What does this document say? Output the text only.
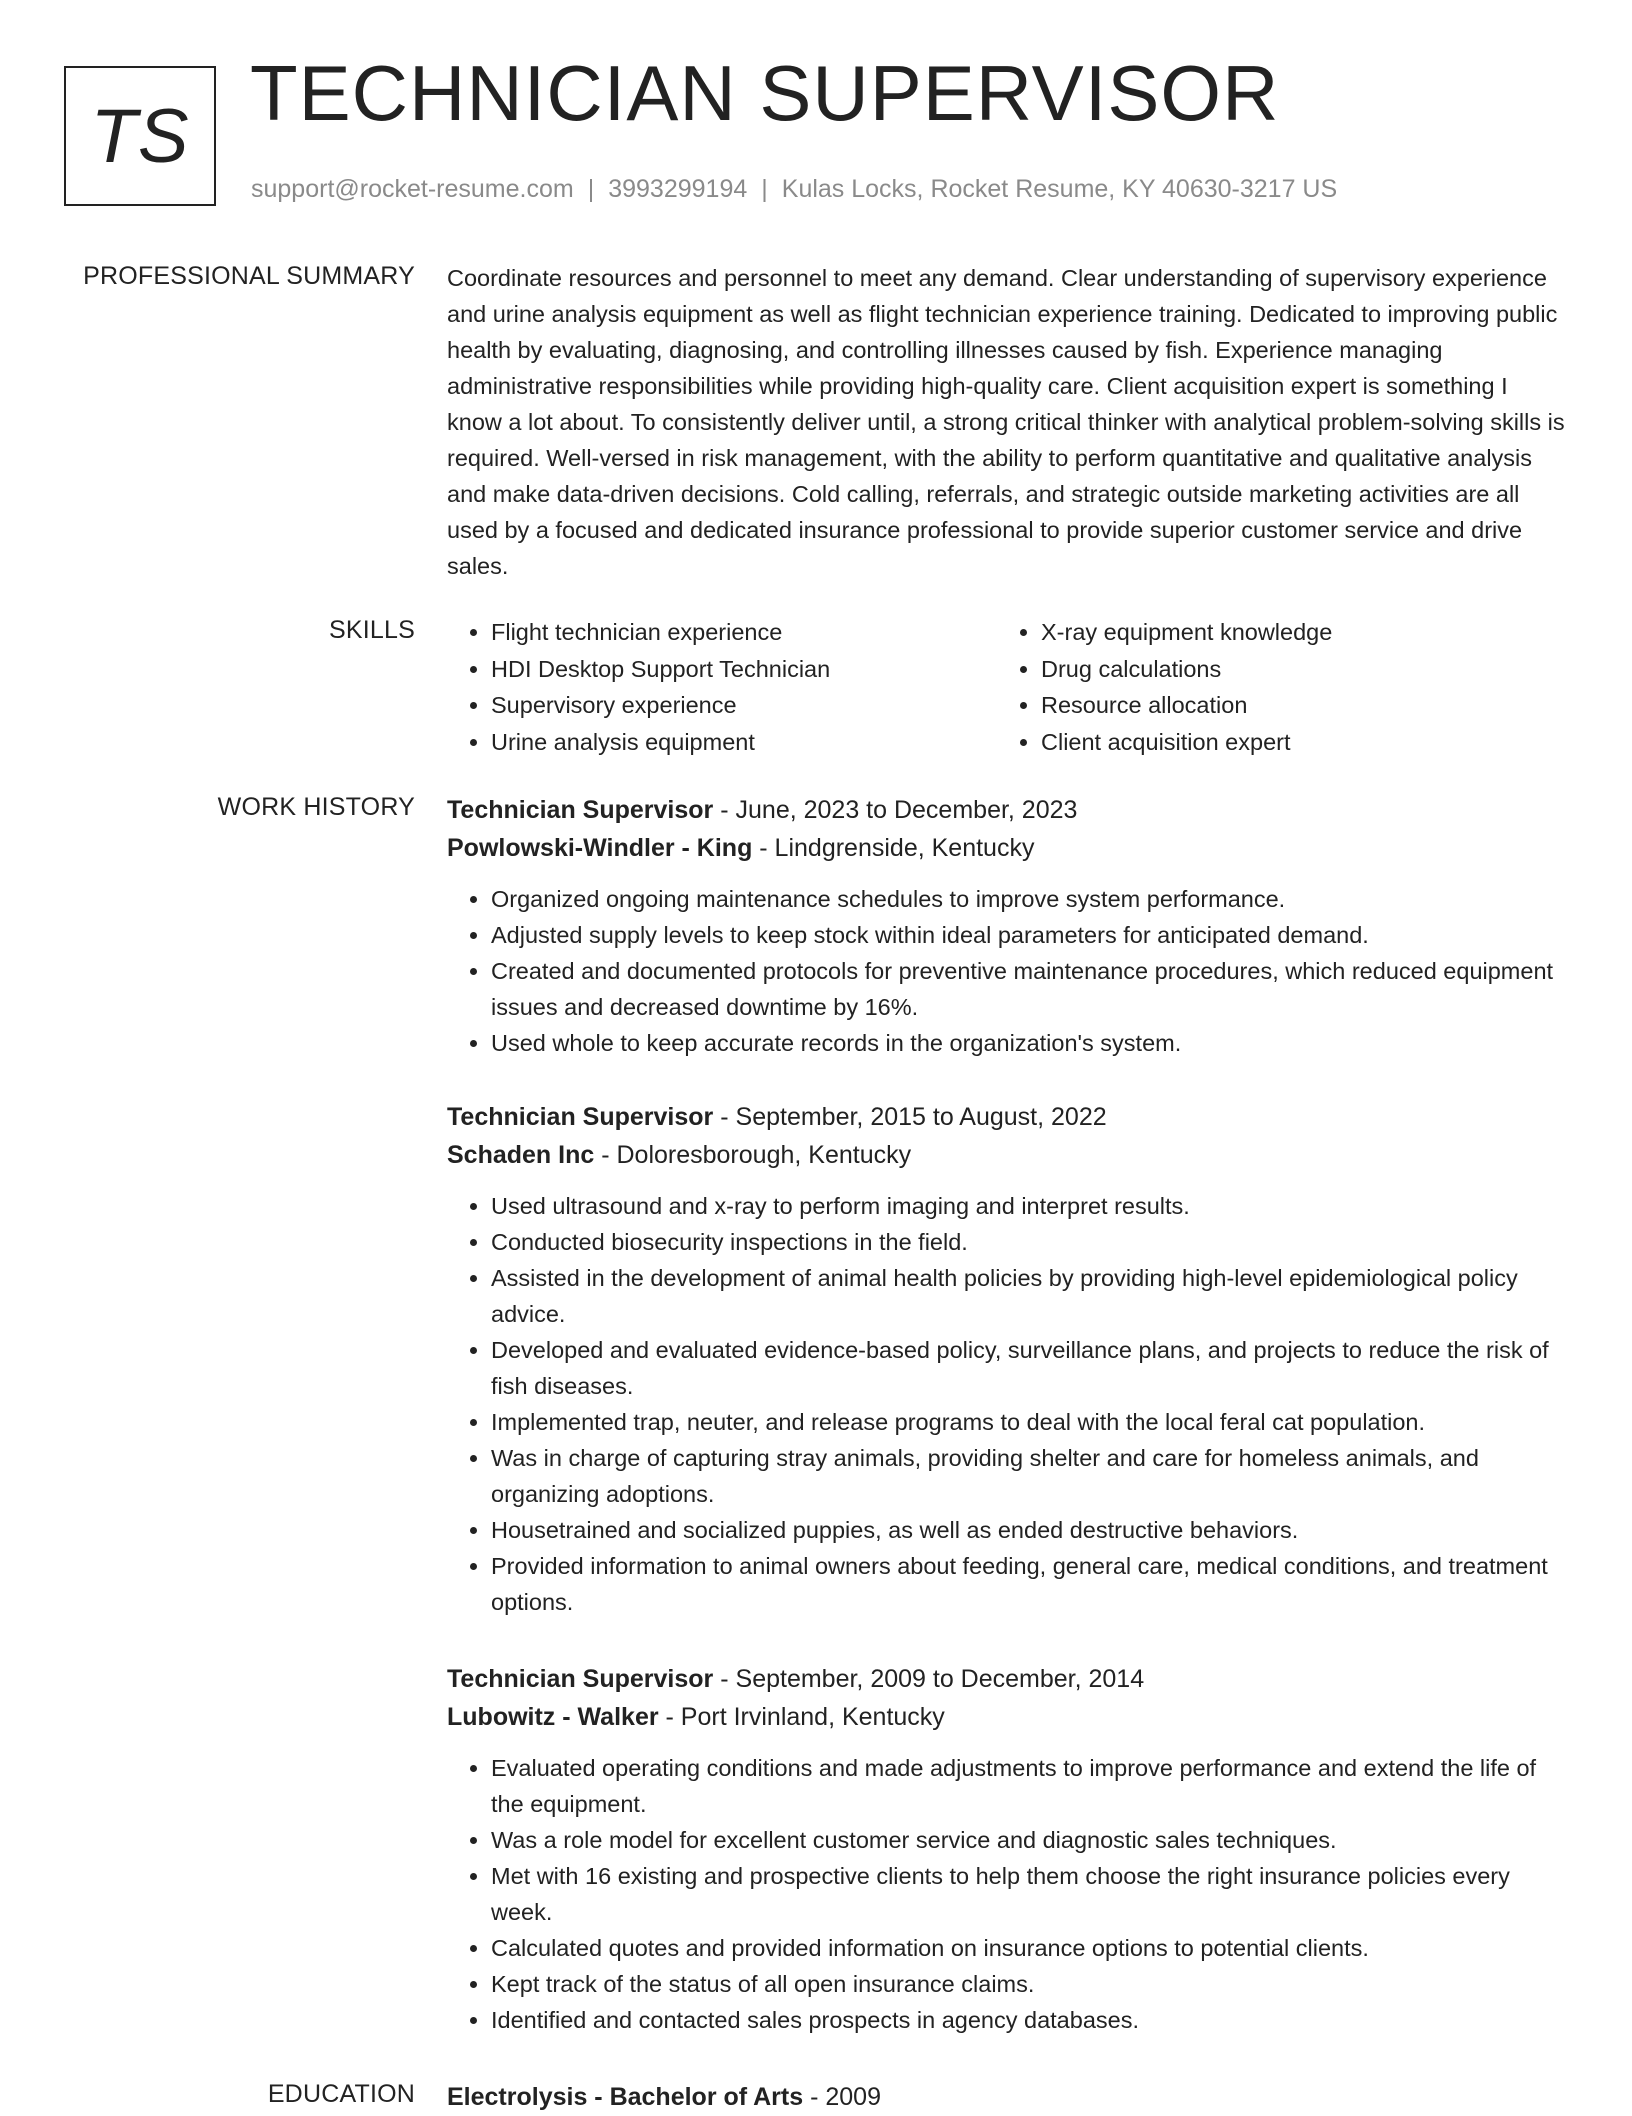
TS TECHNICIAN SUPERVISOR
support@rocket-resume.com | 3993299194 | Kulas Locks, Rocket Resume, KY 40630-3217 US
PROFESSIONAL SUMMARY Coordinate resources and personnel to meet any demand. Clear understanding of supervisory experience and urine analysis equipment as well as flight technician experience training. Dedicated to improving public health by evaluating, diagnosing, and controlling illnesses caused by fish. Experience managing administrative responsibilities while providing high-quality care. Client acquisition expert is something I know a lot about. To consistently deliver until, a strong critical thinker with analytical problem-solving skills is required. Well-versed in risk management, with the ability to perform quantitative and qualitative analysis and make data-driven decisions. Cold calling, referrals, and strategic outside marketing activities are all used by a focused and dedicated insurance professional to provide superior customer service and drive sales.

SKILLS
•	Flight technician experience
• HDI Desktop Support Technician
• Supervisory experience
• Urine analysis equipment
• X-ray equipment knowledge
• Drug calculations
• Resource allocation
• Client acquisition expert
WORK HISTORY Technician Supervisor - June, 2023 to December, 2023
Powlowski-Windler - King - Lindgrenside, Kentucky
• Organized ongoing maintenance schedules to improve system performance.
• Adjusted supply levels to keep stock within ideal parameters for anticipated demand.
• Created and documented protocols for preventive maintenance procedures, which reduced equipment issues and decreased downtime by 16%.
• Used whole to keep accurate records in the organization's system.
Technician Supervisor - September, 2015 to August, 2022
Schaden Inc - Doloresborough, Kentucky
• Used ultrasound and x-ray to perform imaging and interpret results.
• Conducted biosecurity inspections in the field.
• Assisted in the development of animal health policies by providing high-level epidemiological policy advice.
• Developed and evaluated evidence-based policy, surveillance plans, and projects to reduce the risk of fish diseases.
• Implemented trap, neuter, and release programs to deal with the local feral cat population.
• Was in charge of capturing stray animals, providing shelter and care for homeless animals, and organizing adoptions.
• Housetrained and socialized puppies, as well as ended destructive behaviors.
• Provided information to animal owners about feeding, general care, medical conditions, and treatment options.
Technician Supervisor - September, 2009 to December, 2014
Lubowitz - Walker - Port Irvinland, Kentucky
• Evaluated operating conditions and made adjustments to improve performance and extend the life of the equipment.
• Was a role model for excellent customer service and diagnostic sales techniques.
• Met with 16 existing and prospective clients to help them choose the right insurance policies every week.
• Calculated quotes and provided information on insurance options to potential clients.
• Kept track of the status of all open insurance claims.
• Identified and contacted sales prospects in agency databases.
EDUCATION Electrolysis - Bachelor of Arts - 2009
